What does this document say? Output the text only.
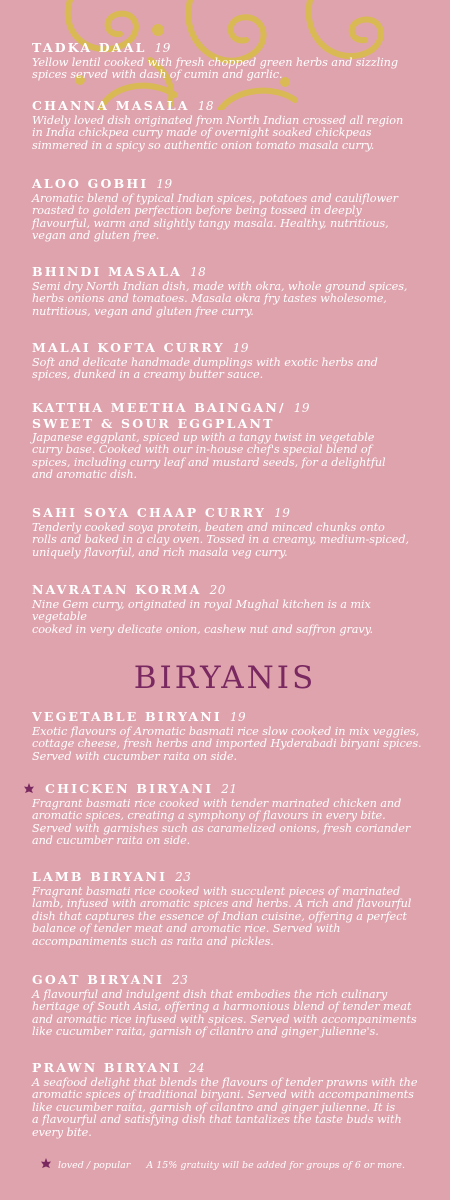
TADKA DAAL 19
Yellow lentil cooked with fresh chopped green herbs and sizzling
spices served with dash of cumin and garlic.
CHANNA MASALA 18
Widely loved dish originated from North Indian crossed all region
in India chickpea curry made of overnight soaked chickpeas
simmered in a spicy so authentic onion tomato masala curry.
ALOO GOBHI 19
Aromatic blend of typical Indian spices, potatoes and cauliflower
roasted to golden perfection before being tossed in deeply
flavourful, warm and slightly tangy masala. Healthy, nutritious,
vegan and gluten free.
BHINDI MASALA 18
Semi dry North Indian dish, made with okra, whole ground spices,
herbs onions and tomatoes. Masala okra fry tastes wholesome,
nutritious, vegan and gluten free curry.
MALAI KOFTA CURRY 19
Soft and delicate handmade dumplings with exotic herbs and
spices, dunked in a creamy butter sauce.
KATTHA MEETHA BAINGAN/ 19
SWEET & SOUR EGGPLANT
Japanese eggplant, spiced up with a tangy twist in vegetable
curry base. Cooked with our in-house chef's special blend of
spices, including curry leaf and mustard seeds, for a delightful
and aromatic dish.
SAHI SOYA CHAAP CURRY 19
Tenderly cooked soya protein, beaten and minced chunks onto
rolls and baked in a clay oven. Tossed in a creamy, medium-spiced,
uniquely flavorful, and rich masala veg curry.
NAVRATAN KORMA 20
Nine Gem curry, originated in royal Mughal kitchen is a mix vegetable
cooked in very delicate onion, cashew nut and saffron gravy.
BIRYANIS
VEGETABLE BIRYANI 19
Exotic flavours of Aromatic basmati rice slow cooked in mix veggies,
cottage cheese, fresh herbs and imported Hyderabadi biryani spices.
Served with cucumber raita on side.
CHICKEN BIRYANI 21
Fragrant basmati rice cooked with tender marinated chicken and
aromatic spices, creating a symphony of flavours in every bite.
Served with garnishes such as caramelized onions, fresh coriander
and cucumber raita on side.
LAMB BIRYANI 23
Fragrant basmati rice cooked with succulent pieces of marinated
lamb, infused with aromatic spices and herbs. A rich and flavourful
dish that captures the essence of Indian cuisine, offering a perfect
balance of tender meat and aromatic rice. Served with
accompaniments such as raita and pickles.
GOAT BIRYANI 23
A flavourful and indulgent dish that embodies the rich culinary
heritage of South Asia, offering a harmonious blend of tender meat
and aromatic rice infused with spices. Served with accompaniments
like cucumber raita, garnish of cilantro and ginger julienne's.
PRAWN BIRYANI 24
A seafood delight that blends the flavours of tender prawns with the
aromatic spices of traditional biryani. Served with accompaniments
like cucumber raita, garnish of cilantro and ginger julienne. It is
a flavourful and satisfying dish that tantalizes the taste buds with
every bite.
loved / popular A 15% gratuity will be added for groups of 6 or more.
